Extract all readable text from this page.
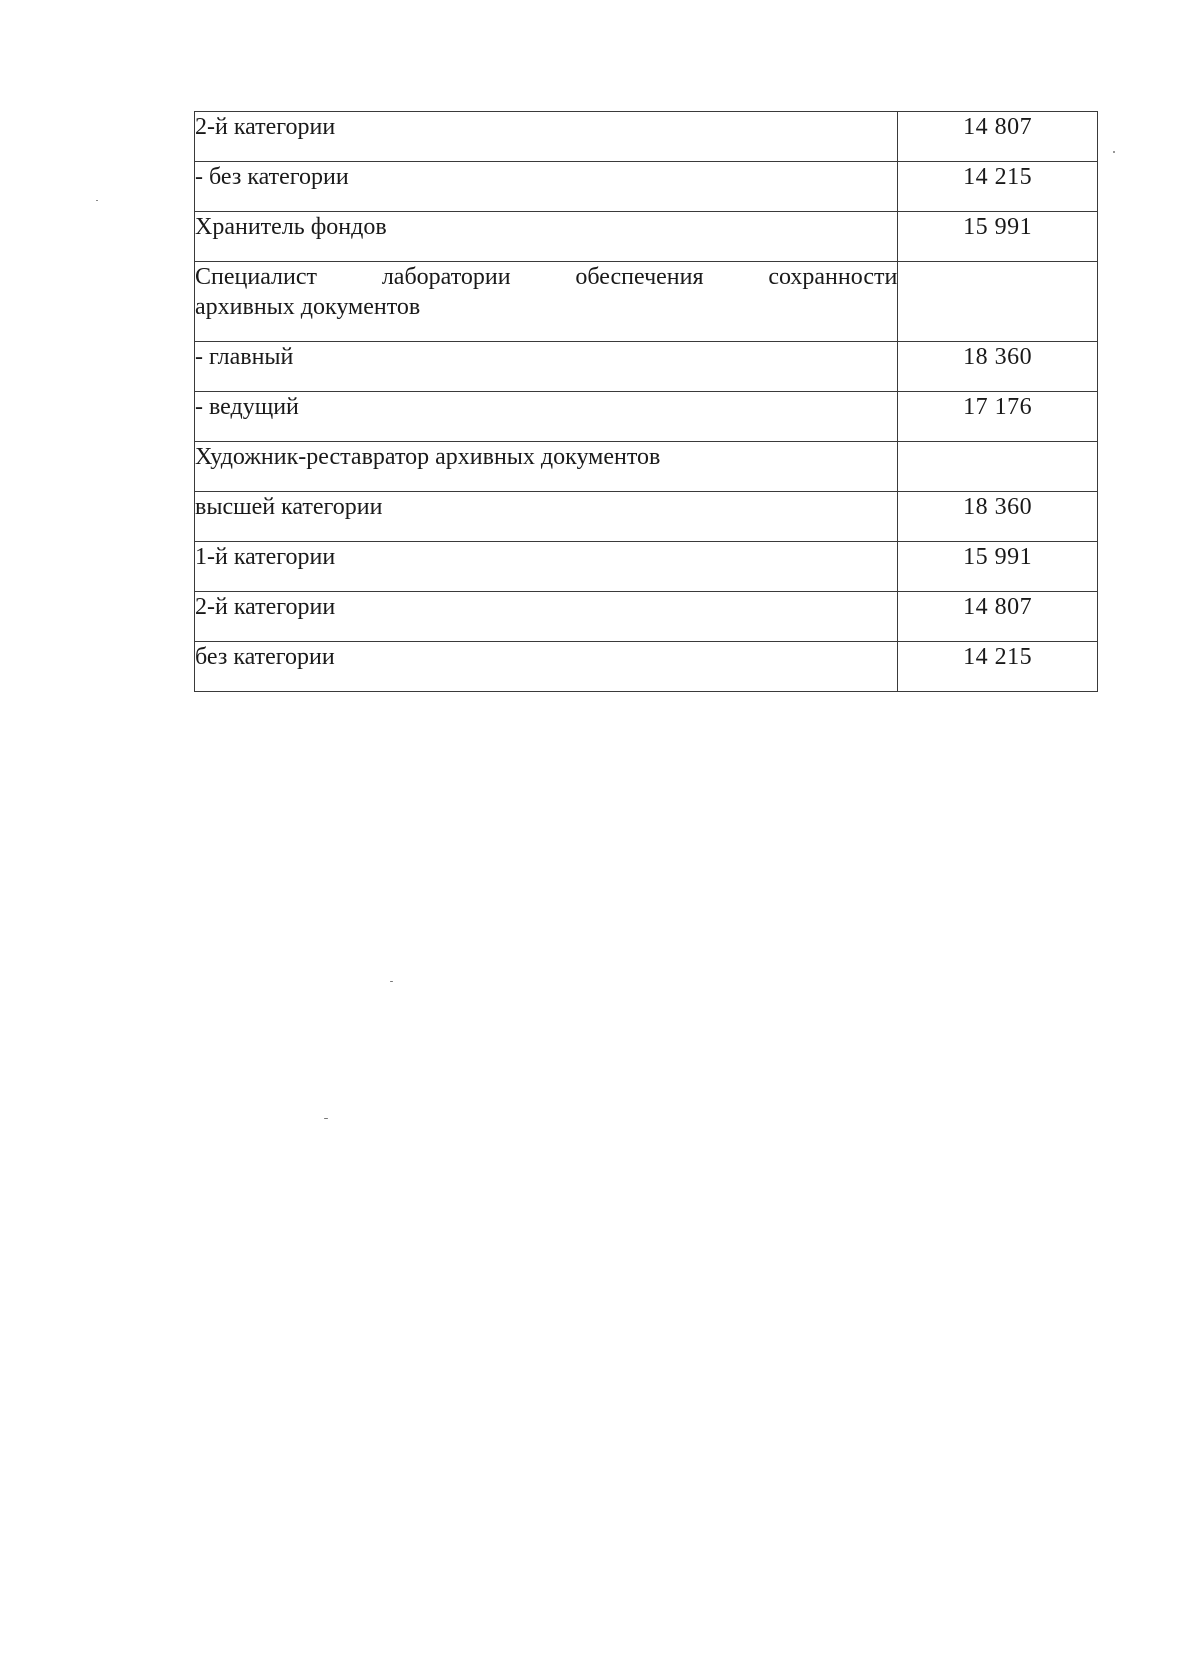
2-й категории	14 807
- без категории	14 215
Хранитель фондов	15 991

Специалист лаборатории обеспечения сохранности
архивных документов	

- главный	18 360
- ведущий	17 176
Художник-реставратор архивных документов	
высшей категории	18 360
1-й категории	15 991
2-й категории	14 807
без категории	14 215
